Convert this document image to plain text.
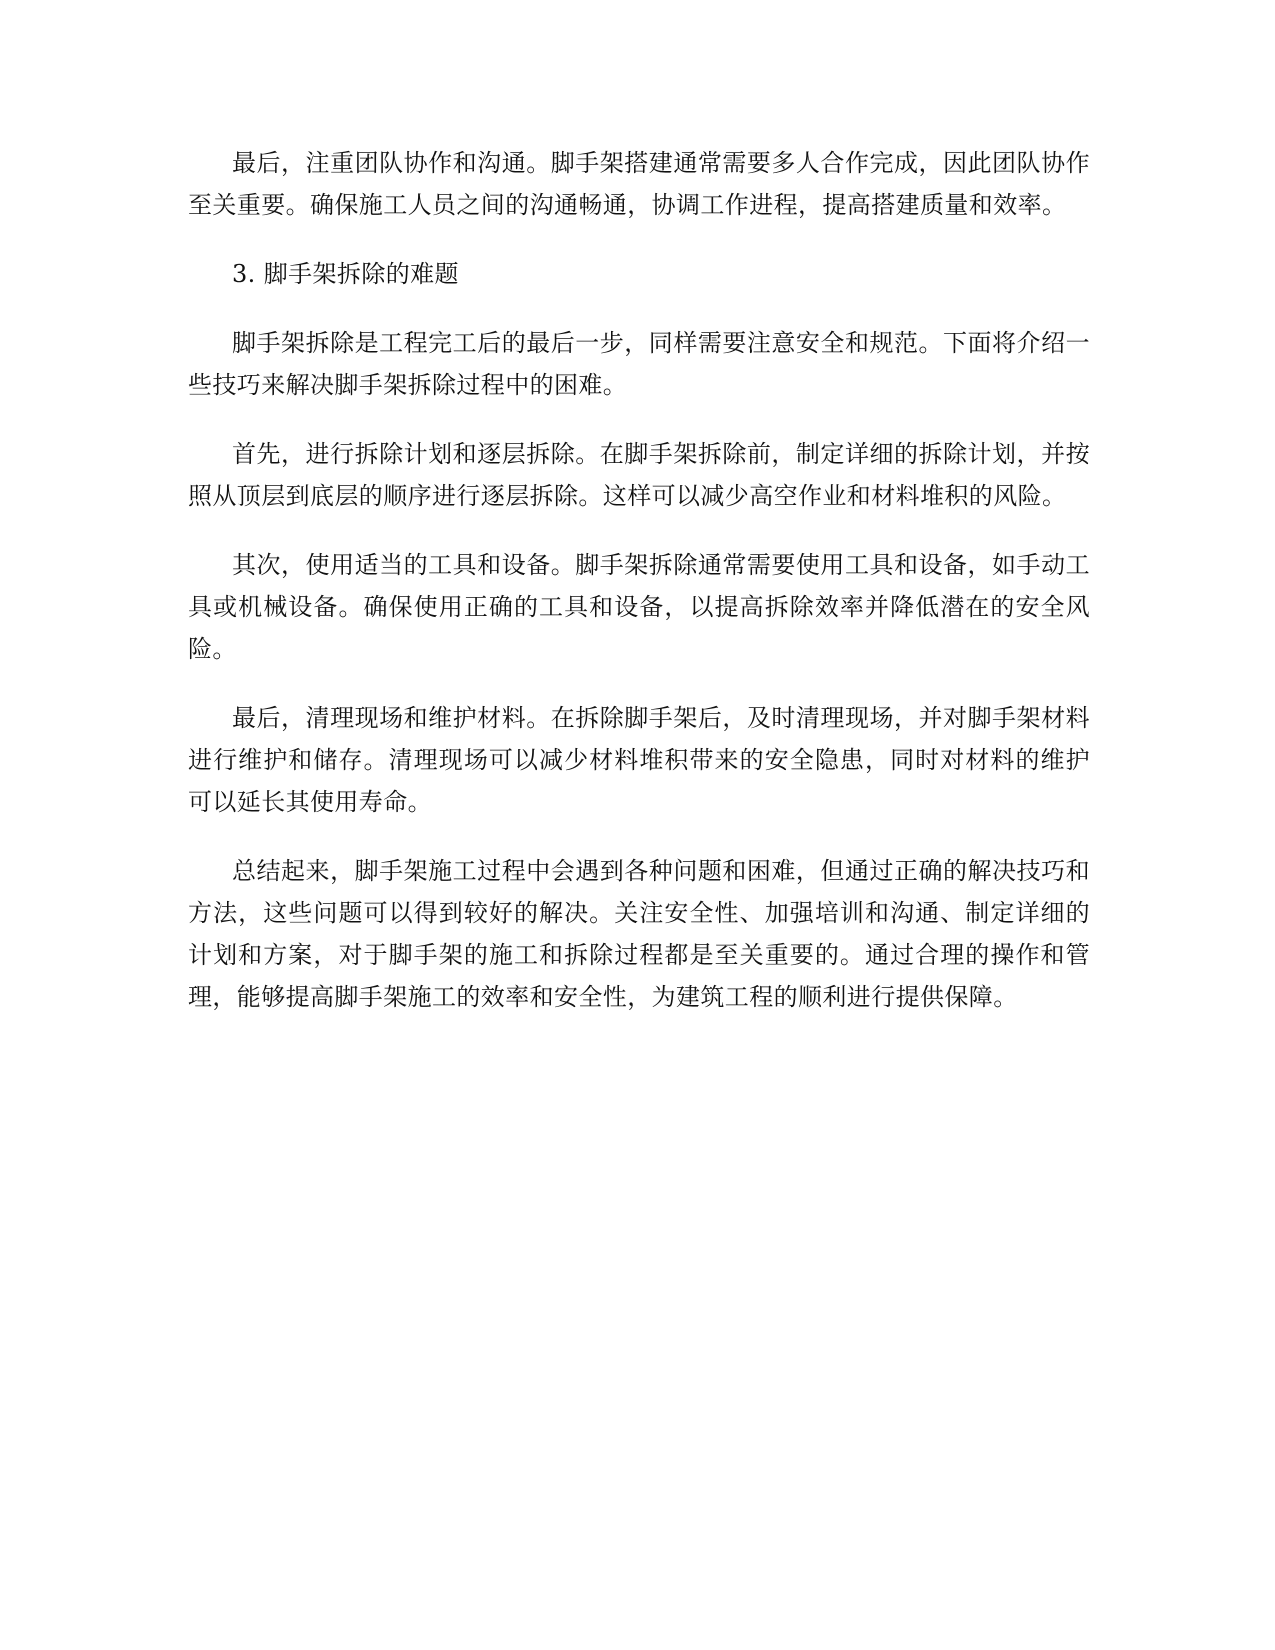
最后，注重团队协作和沟通。脚手架搭建通常需要多人合作完成，因此团队协作至关重要。确保施工人员之间的沟通畅通，协调工作进程，提高搭建质量和效率。

3. 脚手架拆除的难题

脚手架拆除是工程完工后的最后一步，同样需要注意安全和规范。下面将介绍一些技巧来解决脚手架拆除过程中的困难。

首先，进行拆除计划和逐层拆除。在脚手架拆除前，制定详细的拆除计划，并按照从顶层到底层的顺序进行逐层拆除。这样可以减少高空作业和材料堆积的风险。

其次，使用适当的工具和设备。脚手架拆除通常需要使用工具和设备，如手动工具或机械设备。确保使用正确的工具和设备，以提高拆除效率并降低潜在的安全风险。

最后，清理现场和维护材料。在拆除脚手架后，及时清理现场，并对脚手架材料进行维护和储存。清理现场可以减少材料堆积带来的安全隐患，同时对材料的维护可以延长其使用寿命。

总结起来，脚手架施工过程中会遇到各种问题和困难，但通过正确的解决技巧和方法，这些问题可以得到较好的解决。关注安全性、加强培训和沟通、制定详细的计划和方案，对于脚手架的施工和拆除过程都是至关重要的。通过合理的操作和管理，能够提高脚手架施工的效率和安全性，为建筑工程的顺利进行提供保障。
